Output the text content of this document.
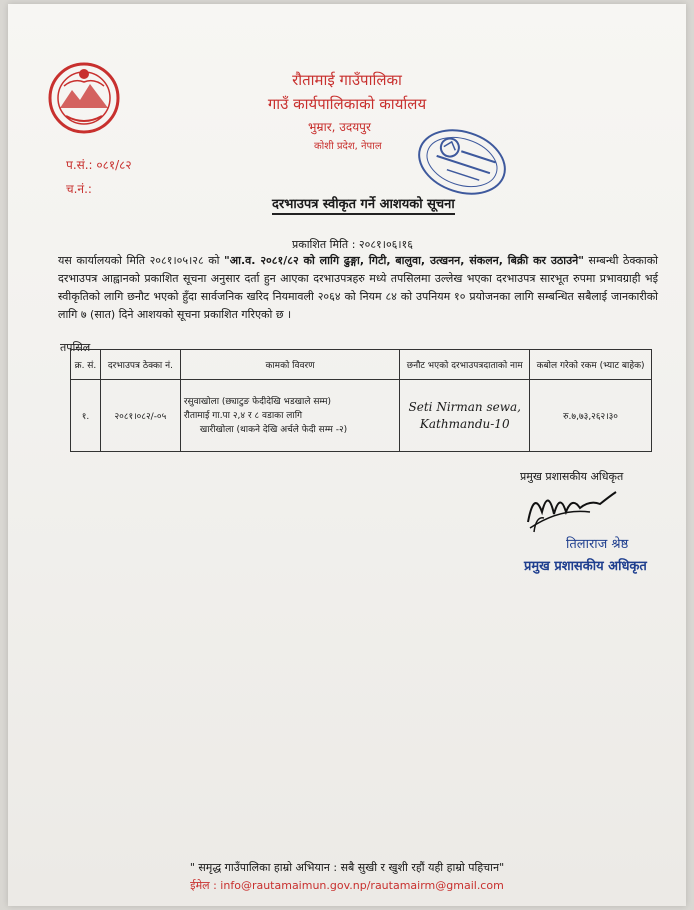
रौतामाई गाउँपालिका
गाउँ कार्यपालिकाको कार्यालय
भुम्रार, उदयपुर
कोशी प्रदेश, नेपाल
प.सं.: ०८१/८२
च.नं.:
दरभाउपत्र स्वीकृत गर्ने आशयको सूचना
प्रकाशित मिति : २०८१।०६।१६
यस कार्यालयको मिति २०८१।०५।२८ को "आ.व. २०८१/८२ को लागि ढुङ्गा, गिटी, बालुवा, उत्खनन, संकलन, बिक्री कर उठाउने" सम्बन्धी ठेक्काको दरभाउपत्र आह्वानको प्रकाशित सूचना अनुसार दर्ता हुन आएका दरभाउपत्रहरु मध्ये तपसिलमा उल्लेख भएका दरभाउपत्र सारभूत रुपमा प्रभावग्राही भई स्वीकृतिको लागि छनौट भएको हुँदा सार्वजनिक खरिद नियमावली २०६४ को नियम ८४ को उपनियम १० प्रयोजनका लागि सम्बन्धित सबैलाई जानकारीको लागि ७ (सात) दिने आशयको सूचना प्रकाशित गरिएको छ ।
तपसिल
क्र. सं.	दरभाउपत्र ठेक्का नं.	कामको विवरण	छनौट भएको दरभाउपत्रदाताको नाम	कबोल गरेको रकम (भ्याट बाहेक)
१.	२०८१।०८२/-०५	रसुवाखोला (छ्याटुङ फेदीदेखि भडखाले सम्म)
रौतामाई गा.पा २,४ र ८ वडाका लागि
खारीखोला (थाकने देखि अर्चले फेदी सम्म -२)	Seti Nirman sewa, Kathmandu-10	रु.७,७३,२६२।३०
प्रमुख प्रशासकीय अधिकृत
तिलाराज श्रेष्ठ
प्रमुख प्रशासकीय अधिकृत
" समृद्ध गाउँपालिका हाम्रो अभियान : सबै सुखी र खुशी रहौं यही हाम्रो पहिचान"
ईमेल : info@rautamaimun.gov.np/rautamairm@gmail.com
